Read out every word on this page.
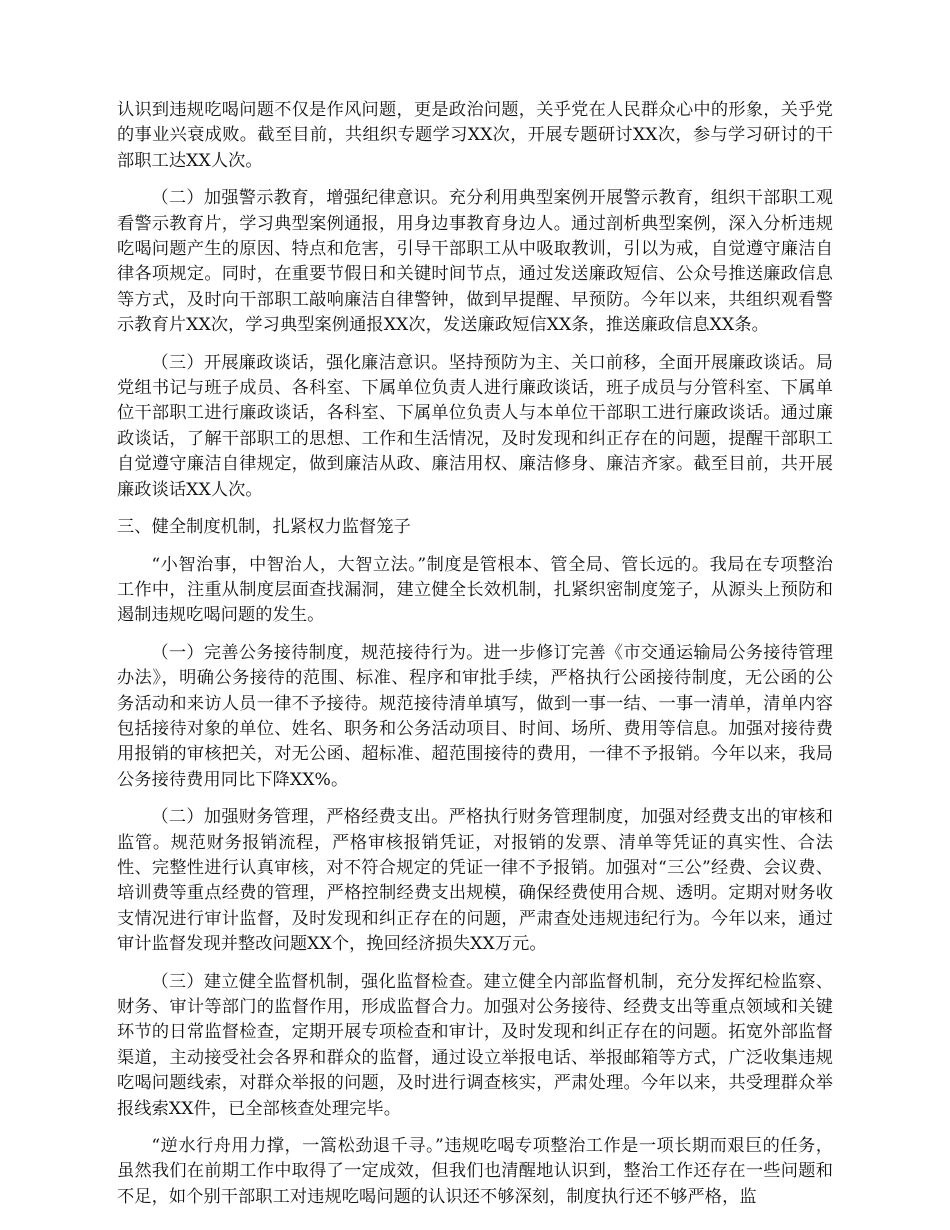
认识到违规吃喝问题不仅是作风问题，更是政治问题，关乎党在人民群众心中的形象，关乎党的事业兴衰成败。截至目前，共组织专题学习XX次，开展专题研讨XX次，参与学习研讨的干部职工达XX人次。

（二）加强警示教育，增强纪律意识。充分利用典型案例开展警示教育，组织干部职工观看警示教育片，学习典型案例通报，用身边事教育身边人。通过剖析典型案例，深入分析违规吃喝问题产生的原因、特点和危害，引导干部职工从中吸取教训，引以为戒，自觉遵守廉洁自律各项规定。同时，在重要节假日和关键时间节点，通过发送廉政短信、公众号推送廉政信息等方式，及时向干部职工敲响廉洁自律警钟，做到早提醒、早预防。今年以来，共组织观看警示教育片XX次，学习典型案例通报XX次，发送廉政短信XX条，推送廉政信息XX条。

（三）开展廉政谈话，强化廉洁意识。坚持预防为主、关口前移，全面开展廉政谈话。局党组书记与班子成员、各科室、下属单位负责人进行廉政谈话，班子成员与分管科室、下属单位干部职工进行廉政谈话，各科室、下属单位负责人与本单位干部职工进行廉政谈话。通过廉政谈话，了解干部职工的思想、工作和生活情况，及时发现和纠正存在的问题，提醒干部职工自觉遵守廉洁自律规定，做到廉洁从政、廉洁用权、廉洁修身、廉洁齐家。截至目前，共开展廉政谈话XX人次。

三、健全制度机制，扎紧权力监督笼子

“小智治事，中智治人，大智立法。”制度是管根本、管全局、管长远的。我局在专项整治工作中，注重从制度层面查找漏洞，建立健全长效机制，扎紧织密制度笼子，从源头上预防和遏制违规吃喝问题的发生。

（一）完善公务接待制度，规范接待行为。进一步修订完善《市交通运输局公务接待管理办法》，明确公务接待的范围、标准、程序和审批手续，严格执行公函接待制度，无公函的公务活动和来访人员一律不予接待。规范接待清单填写，做到一事一结、一事一清单，清单内容包括接待对象的单位、姓名、职务和公务活动项目、时间、场所、费用等信息。加强对接待费用报销的审核把关，对无公函、超标准、超范围接待的费用，一律不予报销。今年以来，我局公务接待费用同比下降XX%。

（二）加强财务管理，严格经费支出。严格执行财务管理制度，加强对经费支出的审核和监管。规范财务报销流程，严格审核报销凭证，对报销的发票、清单等凭证的真实性、合法性、完整性进行认真审核，对不符合规定的凭证一律不予报销。加强对“三公”经费、会议费、培训费等重点经费的管理，严格控制经费支出规模，确保经费使用合规、透明。定期对财务收支情况进行审计监督，及时发现和纠正存在的问题，严肃查处违规违纪行为。今年以来，通过审计监督发现并整改问题XX个，挽回经济损失XX万元。

（三）建立健全监督机制，强化监督检查。建立健全内部监督机制，充分发挥纪检监察、财务、审计等部门的监督作用，形成监督合力。加强对公务接待、经费支出等重点领域和关键环节的日常监督检查，定期开展专项检查和审计，及时发现和纠正存在的问题。拓宽外部监督渠道，主动接受社会各界和群众的监督，通过设立举报电话、举报邮箱等方式，广泛收集违规吃喝问题线索，对群众举报的问题，及时进行调查核实，严肃处理。今年以来，共受理群众举报线索XX件，已全部核查处理完毕。

“逆水行舟用力撑，一篙松劲退千寻。”违规吃喝专项整治工作是一项长期而艰巨的任务，虽然我们在前期工作中取得了一定成效，但我们也清醒地认识到，整治工作还存在一些问题和不足，如个别干部职工对违规吃喝问题的认识还不够深刻，制度执行还不够严格，监
